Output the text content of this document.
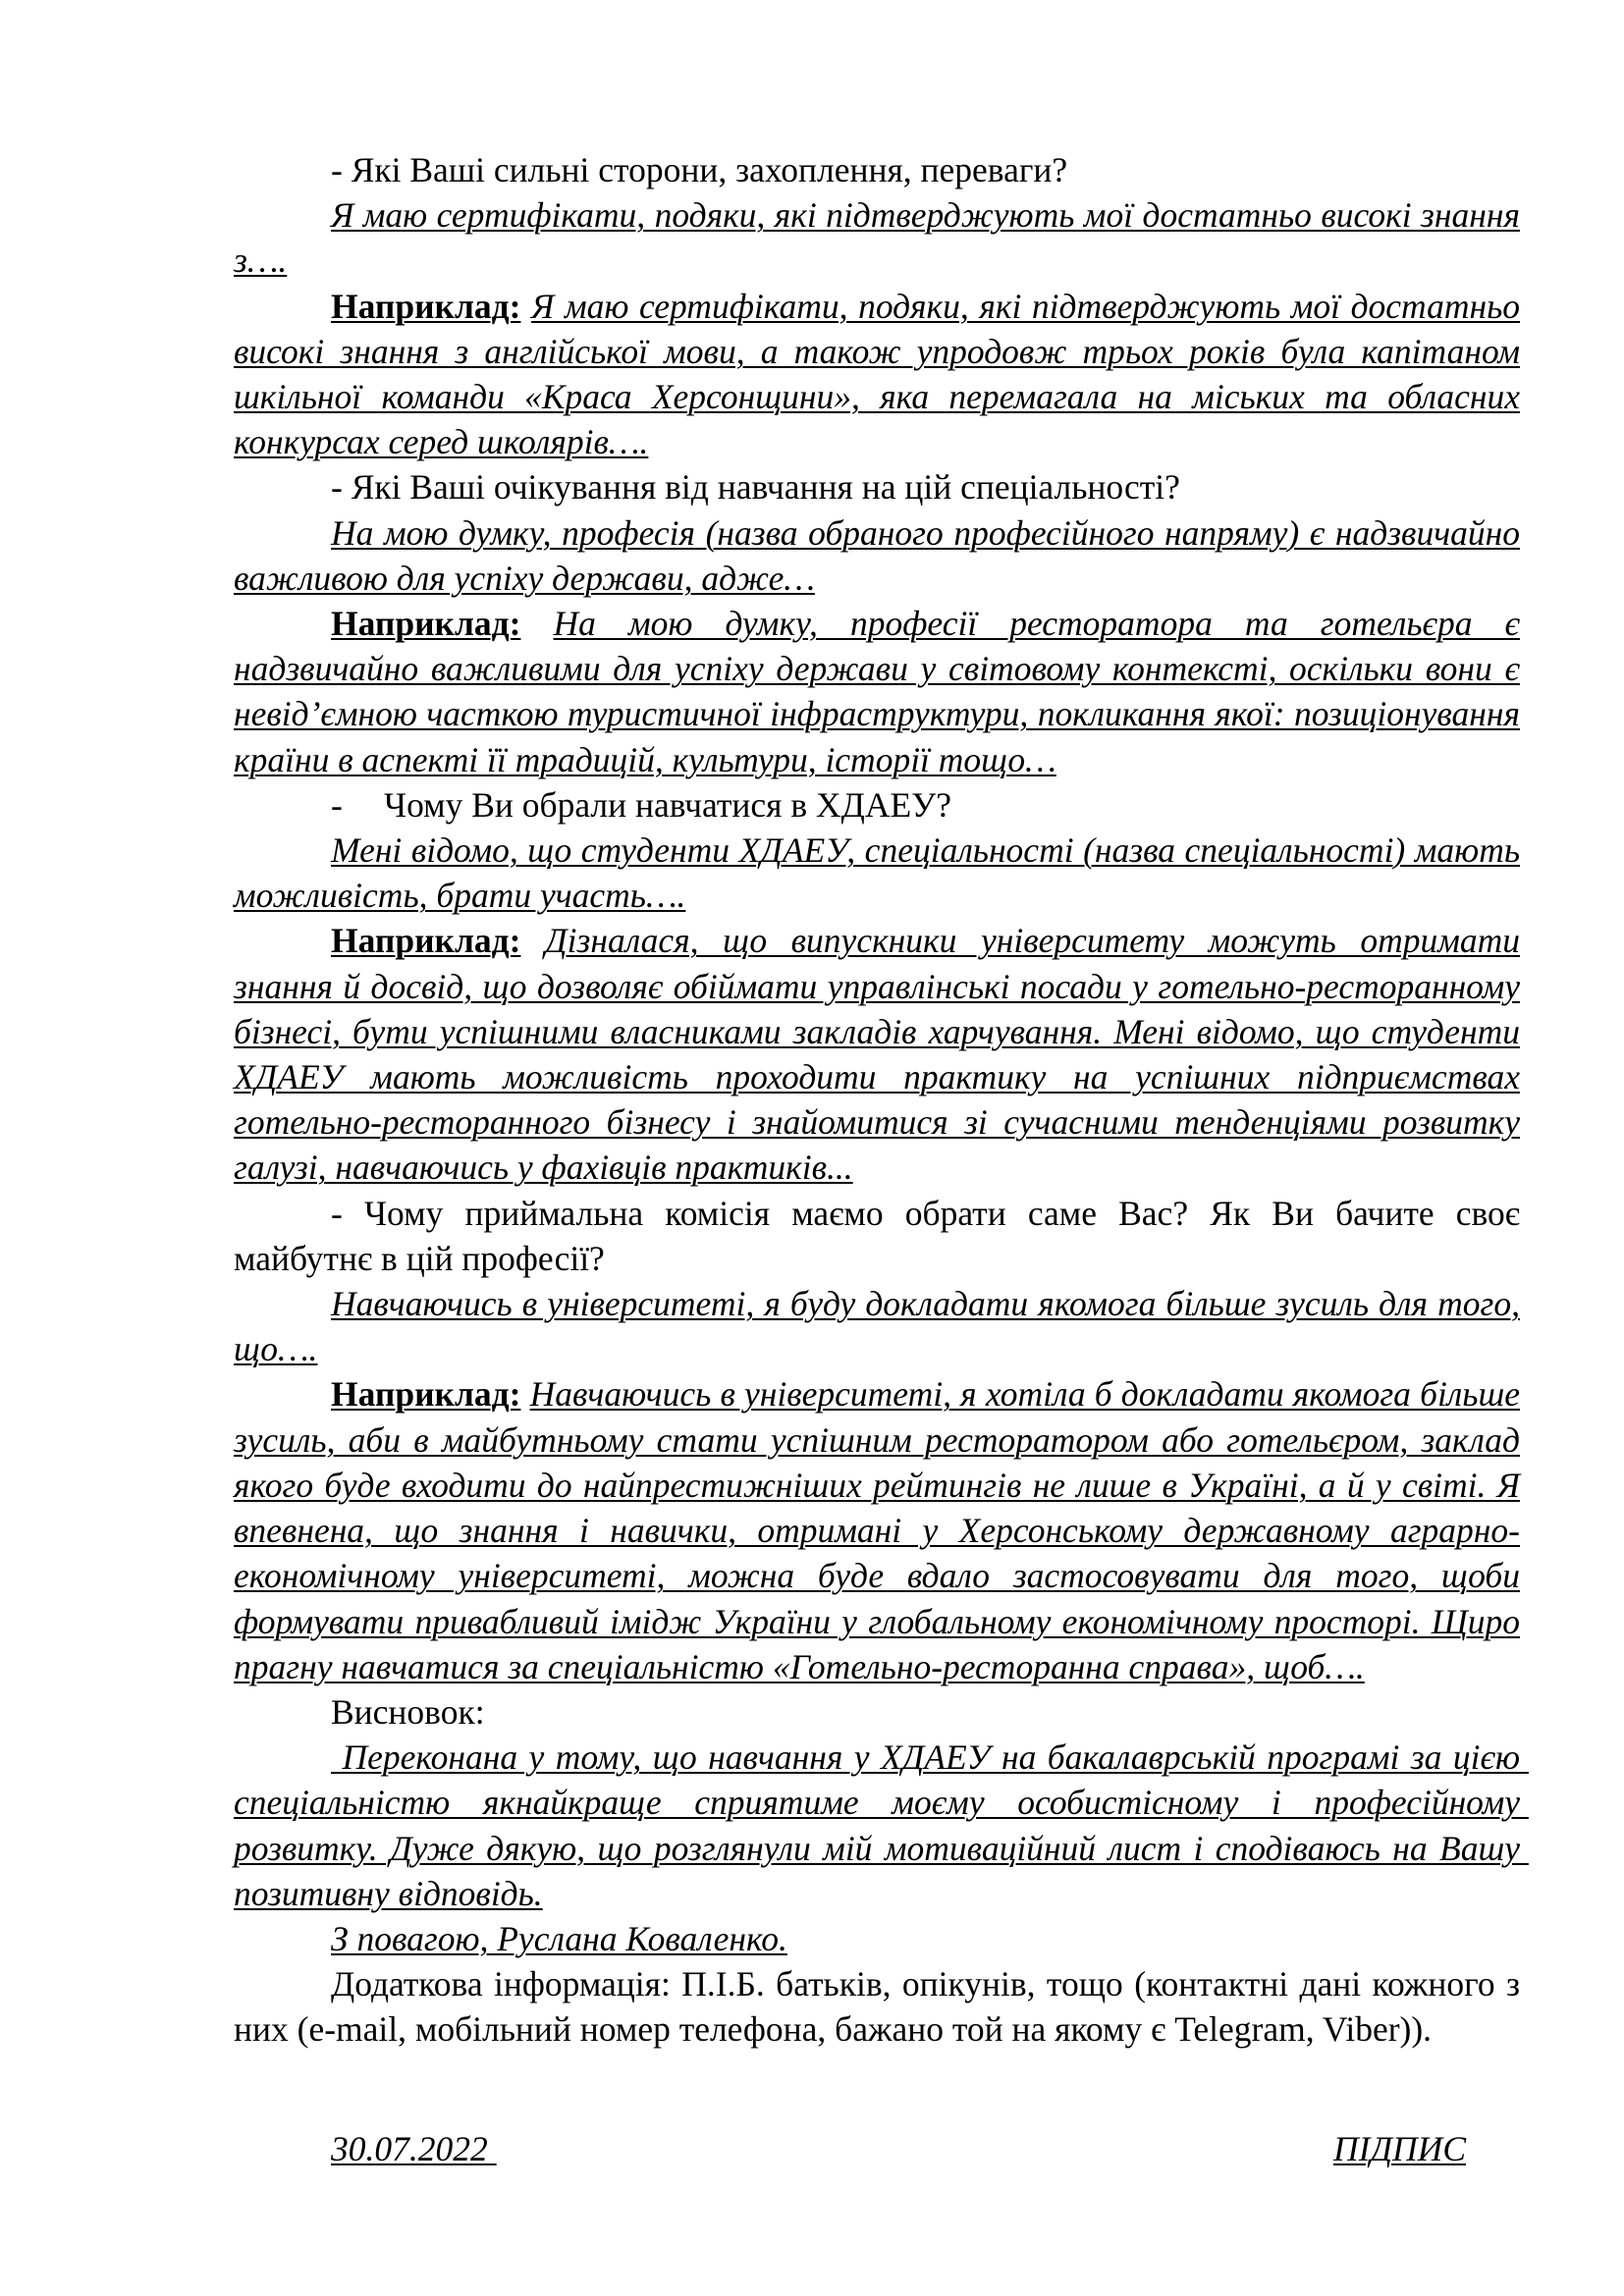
- Які Ваші сильні сторони, захоплення, переваги?

Я маю сертифікати, подяки, які підтверджують мої достатньо високі знання з….

Наприклад: Я маю сертифікати, подяки, які підтверджують мої достатньо високі знання з англійської мови, а також упродовж трьох років була капітаном шкільної команди «Краса Херсонщини», яка перемагала на міських та обласних конкурсах серед школярів….

- Які Ваші очікування від навчання на цій спеціальності?

На мою думку, професія (назва обраного професійного напряму) є надзвичайно важливою для успіху держави, адже…

Наприклад: На мою думку, професії ресторатора та готельєра є надзвичайно важливими для успіху держави у світовому контексті, оскільки вони є невід’ємною часткою туристичної інфраструктури, покликання якої: позиціонування країни в аспекті її традицій, культури, історії тощо…

- Чому Ви обрали навчатися в ХДАЕУ?

Мені відомо, що студенти ХДАЕУ, спеціальності (назва спеціальності) мають можливість, брати участь….

Наприклад: Дізналася, що випускники університету можуть отримати знання й досвід, що дозволяє обіймати управлінські посади у готельно-ресторанному бізнесі, бути успішними власниками закладів харчування. Мені відомо, що студенти ХДАЕУ мають можливість проходити практику на успішних підприємствах готельно-ресторанного бізнесу і знайомитися зі сучасними тенденціями розвитку галузі, навчаючись у фахівців практиків...

- Чому приймальна комісія маємо обрати саме Вас? Як Ви бачите своє майбутнє в цій професії?

Навчаючись в університеті, я буду докладати якомога більше зусиль для того, що….

Наприклад: Навчаючись в університеті, я хотіла б докладати якомога більше зусиль, аби в майбутньому стати успішним ресторатором або готельєром, заклад якого буде входити до найпрестижніших рейтингів не лише в Україні, а й у світі. Я впевнена, що знання і навички, отримані у Херсонському державному аграрно-економічному університеті, можна буде вдало застосовувати для того, щоби формувати привабливий імідж України у глобальному економічному просторі. Щиро прагну навчатися за спеціальністю «Готельно-ресторанна справа», щоб….

Висновок:

Переконана у тому, що навчання у ХДАЕУ на бакалаврській програмі за цією спеціальністю якнайкраще сприятиме моєму особистісному і професійному розвитку. Дуже дякую, що розглянули мій мотиваційний лист і сподіваюсь на Вашу позитивну відповідь.

З повагою, Руслана Коваленко.

Додаткова інформація: П.І.Б. батьків, опікунів, тощо (контактні дані кожного з них (e-mail, мобільний номер телефона, бажано той на якому є Telegram, Viber)).

30.07.2022	ПІДПИС
